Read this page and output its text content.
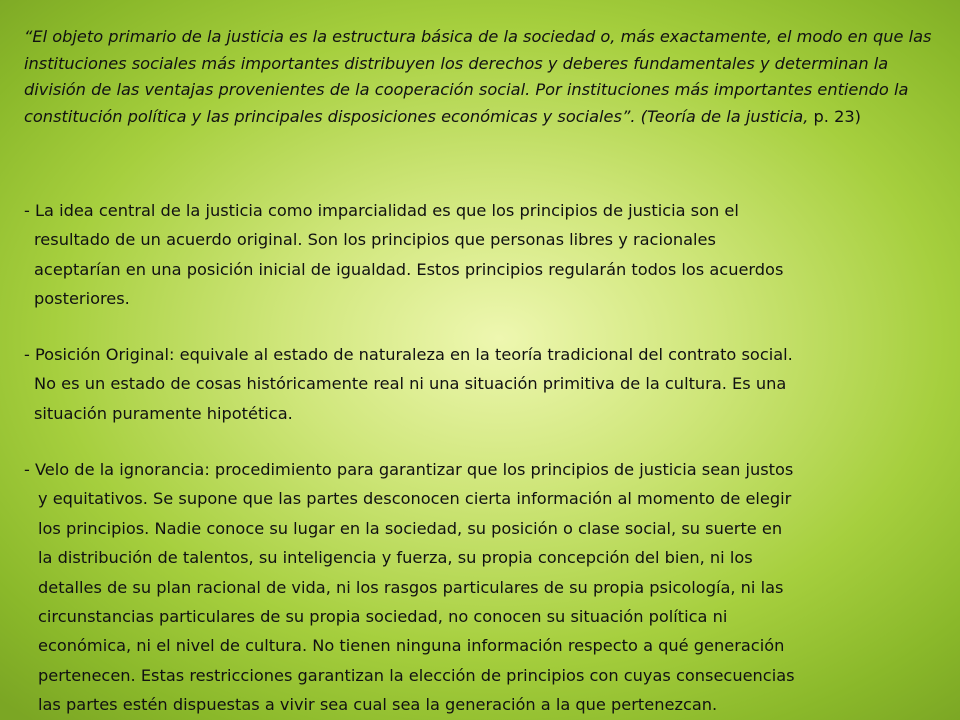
“El objeto primario de la justicia es la estructura básica de la sociedad o, más exactamente, el modo en que las instituciones sociales más importantes distribuyen los derechos y deberes fundamentales y determinan la división de las ventajas provenientes de la cooperación social. Por instituciones más importantes entiendo la constitución política y las principales disposiciones económicas y sociales”. (Teoría de la justicia, p. 23)

- La idea central de la justicia como imparcialidad es que los principios de justicia son el
resultado de un acuerdo original. Son los principios que personas libres y racionales
aceptarían en una posición inicial de igualdad. Estos principios regularán todos los acuerdos
posteriores.

- Posición Original: equivale al estado de naturaleza en la teoría tradicional del contrato social.
No es un estado de cosas históricamente real ni una situación primitiva de la cultura. Es una
situación puramente hipotética.

- Velo de la ignorancia: procedimiento para garantizar que los principios de justicia sean justos
y equitativos. Se supone que las partes desconocen cierta información al momento de elegir
los principios. Nadie conoce su lugar en la sociedad, su posición o clase social, su suerte en
la distribución de talentos, su inteligencia y fuerza, su propia concepción del bien, ni los
detalles de su plan racional de vida, ni los rasgos particulares de su propia psicología, ni las
circunstancias particulares de su propia sociedad, no conocen su situación política ni
económica, ni el nivel de cultura. No tienen ninguna información respecto a qué generación
pertenecen. Estas restricciones garantizan la elección de principios con cuyas consecuencias
las partes estén dispuestas a vivir sea cual sea la generación a la que pertenezcan.
